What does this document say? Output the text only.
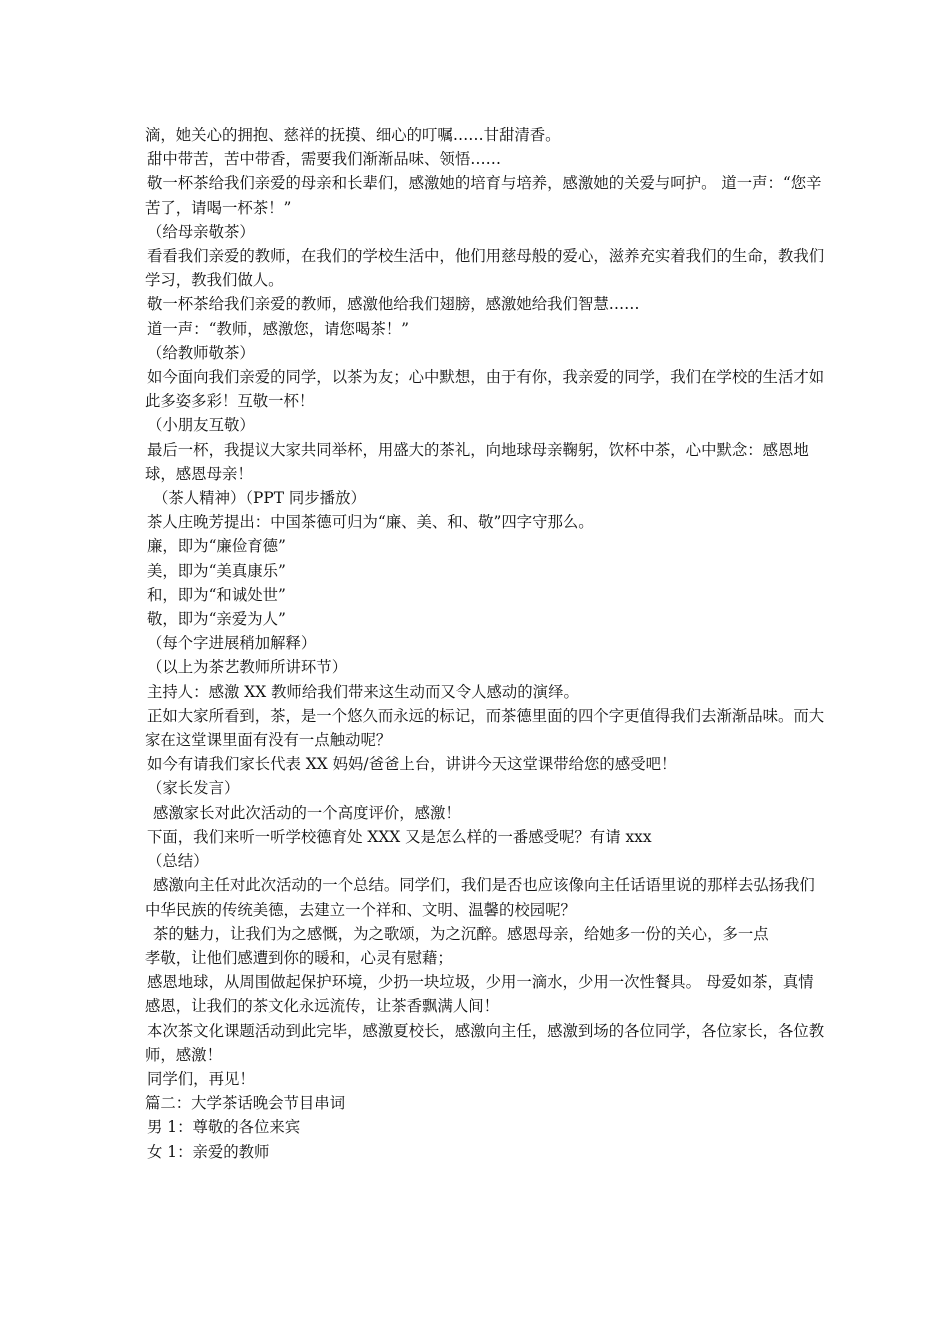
滴，她关心的拥抱、慈祥的抚摸、细心的叮嘱……甘甜清香。

甜中带苦，苦中带香，需要我们渐渐品味、领悟……

敬一杯茶给我们亲爱的母亲和长辈们，感激她的培育与培养，感激她的关爱与呵护。 道一声：“您辛苦了，请喝一杯茶！”

（给母亲敬茶）

看看我们亲爱的教师，在我们的学校生活中，他们用慈母般的爱心，滋养充实着我们的生命，教我们学习，教我们做人。

敬一杯茶给我们亲爱的教师，感激他给我们翅膀，感激她给我们智慧……

道一声：“教师，感激您，请您喝茶！”

（给教师敬茶）

如今面向我们亲爱的同学，以茶为友；心中默想，由于有你，我亲爱的同学，我们在学校的生活才如此多姿多彩！互敬一杯！

（小朋友互敬）

最后一杯，我提议大家共同举杯，用盛大的茶礼，向地球母亲鞠躬，饮杯中茶，心中默念：感恩地球，感恩母亲！

（茶人精神）（PPT 同步播放）

茶人庄晚芳提出：中国茶德可归为“廉、美、和、敬”四字守那么。

廉，即为“廉俭育德”

美，即为“美真康乐”

和，即为“和诚处世”

敬，即为“亲爱为人”

（每个字进展稍加解释）

（以上为茶艺教师所讲环节）

主持人：感激 XX 教师给我们带来这生动而又令人感动的演绎。

正如大家所看到，茶，是一个悠久而永远的标记，而茶德里面的四个字更值得我们去渐渐品味。而大家在这堂课里面有没有一点触动呢？

如今有请我们家长代表 XX 妈妈/爸爸上台，讲讲今天这堂课带给您的感受吧！

（家长发言）

感激家长对此次活动的一个高度评价，感激！

下面，我们来听一听学校德育处 XXX 又是怎么样的一番感受呢？有请 xxx

（总结）

感激向主任对此次活动的一个总结。同学们，我们是否也应该像向主任话语里说的那样去弘扬我们中华民族的传统美德，去建立一个祥和、文明、温馨的校园呢？

茶的魅力，让我们为之感慨，为之歌颂，为之沉醉。感恩母亲，给她多一份的关心，多一点

孝敬，让他们感遭到你的暖和，心灵有慰藉；

感恩地球，从周围做起保护环境，少扔一块垃圾，少用一滴水，少用一次性餐具。 母爱如茶，真情感恩，让我们的茶文化永远流传，让茶香飘满人间！

本次茶文化课题活动到此完毕，感激夏校长，感激向主任，感激到场的各位同学，各位家长，各位教师，感激！

同学们，再见！

篇二：大学茶话晚会节目串词

男 1：尊敬的各位来宾

女 1：亲爱的教师
